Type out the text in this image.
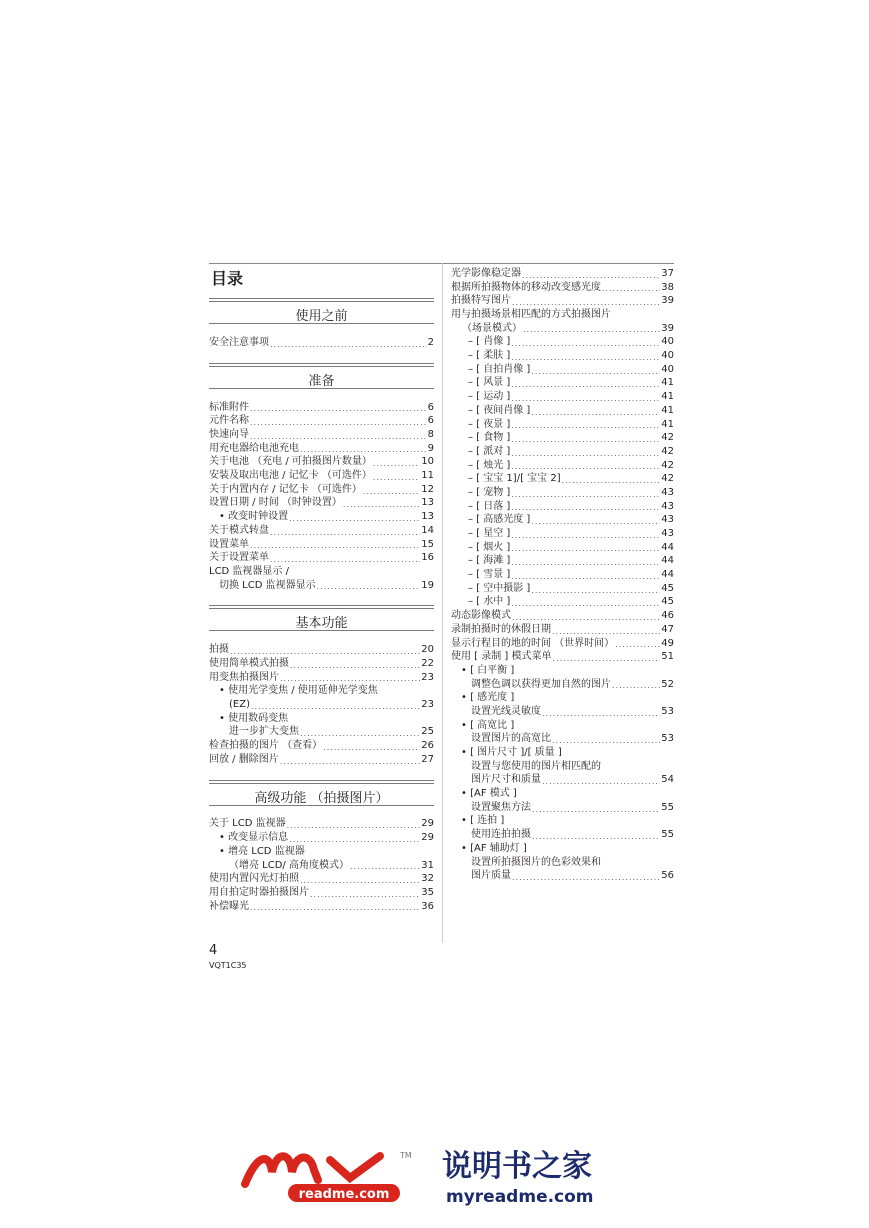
目录
使用之前
安全注意事项 .....	2
准备
标准附件 .....	6
元件名称 .....	6
快速向导 .....	8
用充电器给电池充电 .....	9
关于电池 （充电 / 可拍摄图片数量） .....	10
安装及取出电池 / 记忆卡 （可选件） .....	11
关于内置内存 / 记忆卡 （可选件） .....	12
设置日期 / 时间 （时钟设置） .....	13
• 改变时钟设置 .....	13
关于模式转盘 .....	14
设置菜单 .....	15
关于设置菜单 .....	16
LCD 监视器显示 /
切换 LCD 监视器显示 .....	19
基本功能
拍摄 .....	20
使用简单模式拍摄 .....	22
用变焦拍摄图片 .....	23
• 使用光学变焦 / 使用延伸光学变焦
(EZ) .....	23
• 使用数码变焦
进一步扩大变焦 .....	25
检查拍摄的图片 （查看） .....	26
回放 / 删除图片 .....	27
高级功能 （拍摄图片）
关于 LCD 监视器 .....	29
• 改变显示信息 .....	29
• 增亮 LCD 监视器
（增亮 LCD/ 高角度模式） .....	31
使用内置闪光灯拍照 .....	32
用自拍定时器拍摄图片 .....	35
补偿曝光 .....	36
光学影像稳定器 .....	37
根据所拍摄物体的移动改变感光度 .....	38
拍摄特写图片 .....	39
用与拍摄场景相匹配的方式拍摄图片
（场景模式） .....	39
– [ 肖像 ] .....	40
– [ 柔肤 ] .....	40
– [ 自拍肖像 ] .....	40
– [ 风景 ] .....	41
– [ 运动 ] .....	41
– [ 夜间肖像 ] .....	41
– [ 夜景 ] .....	41
– [ 食物 ] .....	42
– [ 派对 ] .....	42
– [ 烛光 ] .....	42
– [ 宝宝 1]/[ 宝宝 2] .....	42
– [ 宠物 ] .....	43
– [ 日落 ] .....	43
– [ 高感光度 ] .....	43
– [ 星空 ] .....	43
– [ 烟火 ] .....	44
– [ 海滩 ] .....	44
– [ 雪景 ] .....	44
– [ 空中摄影 ] .....	45
– [ 水中 ] .....	45
动态影像模式 .....	46
录制拍摄时的休假日期 .....	47
显示行程目的地的时间 （世界时间） .....	49
使用 [ 录制 ] 模式菜单 .....	51
• [ 白平衡 ]
调整色调以获得更加自然的图片 .....	52
• [ 感光度 ]
设置光线灵敏度 .....	53
• [ 高宽比 ]
设置图片的高宽比 .....	53
• [ 图片尺寸 ]/[ 质量 ]
设置与您使用的图片相匹配的
图片尺寸和质量 .....	54
• [AF 模式 ]
设置聚焦方法 .....	55
• [ 连拍 ]
使用连拍拍摄 .....	55
• [AF 辅助灯 ]
设置所拍摄图片的色彩效果和
图片质量 .....	56
4
VQT1C35
TM
readme.com
说明书之家
myreadme.com
